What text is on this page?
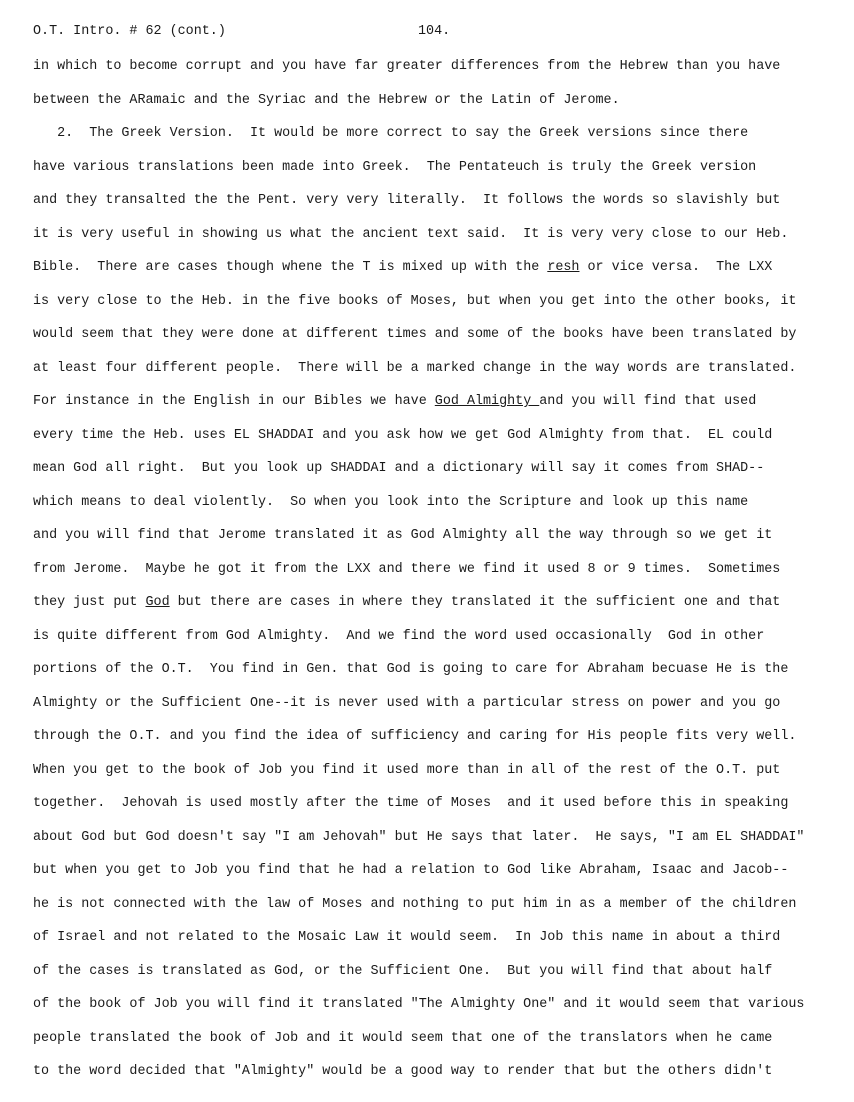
O.T. Intro. # 62 (cont.)

	104.

in which to become corrupt and you have far greater differences from the Hebrew than you have
between the ARamaic and the Syriac and the Hebrew or the Latin of Jerome.
2.  The Greek Version.  It would be more correct to say the Greek versions since there
have various translations been made into Greek.  The Pentateuch is truly the Greek version
and they transalted the the Pent. very very literally.  It follows the words so slavishly but
it is very useful in showing us what the ancient text said.  It is very very close to our Heb.
Bible.  There are cases though whene the T is mixed up with the resh or vice versa.  The LXX
is very close to the Heb. in the five books of Moses, but when you get into the other books, it
would seem that they were done at different times and some of the books have been translated by
at least four different people.  There will be a marked change in the way words are translated.
For instance in the English in our Bibles we have God Almighty and you will find that used
every time the Heb. uses EL SHADDAI and you ask how we get God Almighty from that.  EL could
mean God all right.  But you look up SHADDAI and a dictionary will say it comes from SHAD--
which means to deal violently.  So when you look into the Scripture and look up this name
and you will find that Jerome translated it as God Almighty all the way through so we get it
from Jerome.  Maybe he got it from the LXX and there we find it used 8 or 9 times.  Sometimes
they just put God but there are cases in where they translated it the sufficient one and that
is quite different from God Almighty.  And we find the word used occasionally  God in other
portions of the O.T.  You find in Gen. that God is going to care for Abraham becuase He is the
Almighty or the Sufficient One--it is never used with a particular stress on power and you go
through the O.T. and you find the idea of sufficiency and caring for His people fits very well.
When you get to the book of Job you find it used more than in all of the rest of the O.T. put
together.  Jehovah is used mostly after the time of Moses  and it used before this in speaking
about God but God doesn't say "I am Jehovah" but He says that later.  He says, "I am EL SHADDAI"
but when you get to Job you find that he had a relation to God like Abraham, Isaac and Jacob--
he is not connected with the law of Moses and nothing to put him in as a member of the children
of Israel and not related to the Mosaic Law it would seem.  In Job this name in about a third
of the cases is translated as God, or the Sufficient One.  But you will find that about half
of the book of Job you will find it translated "The Almighty One" and it would seem that various
people translated the book of Job and it would seem that one of the translators when he came
to the word decided that "Almighty" would be a good way to render that but the others didn't
